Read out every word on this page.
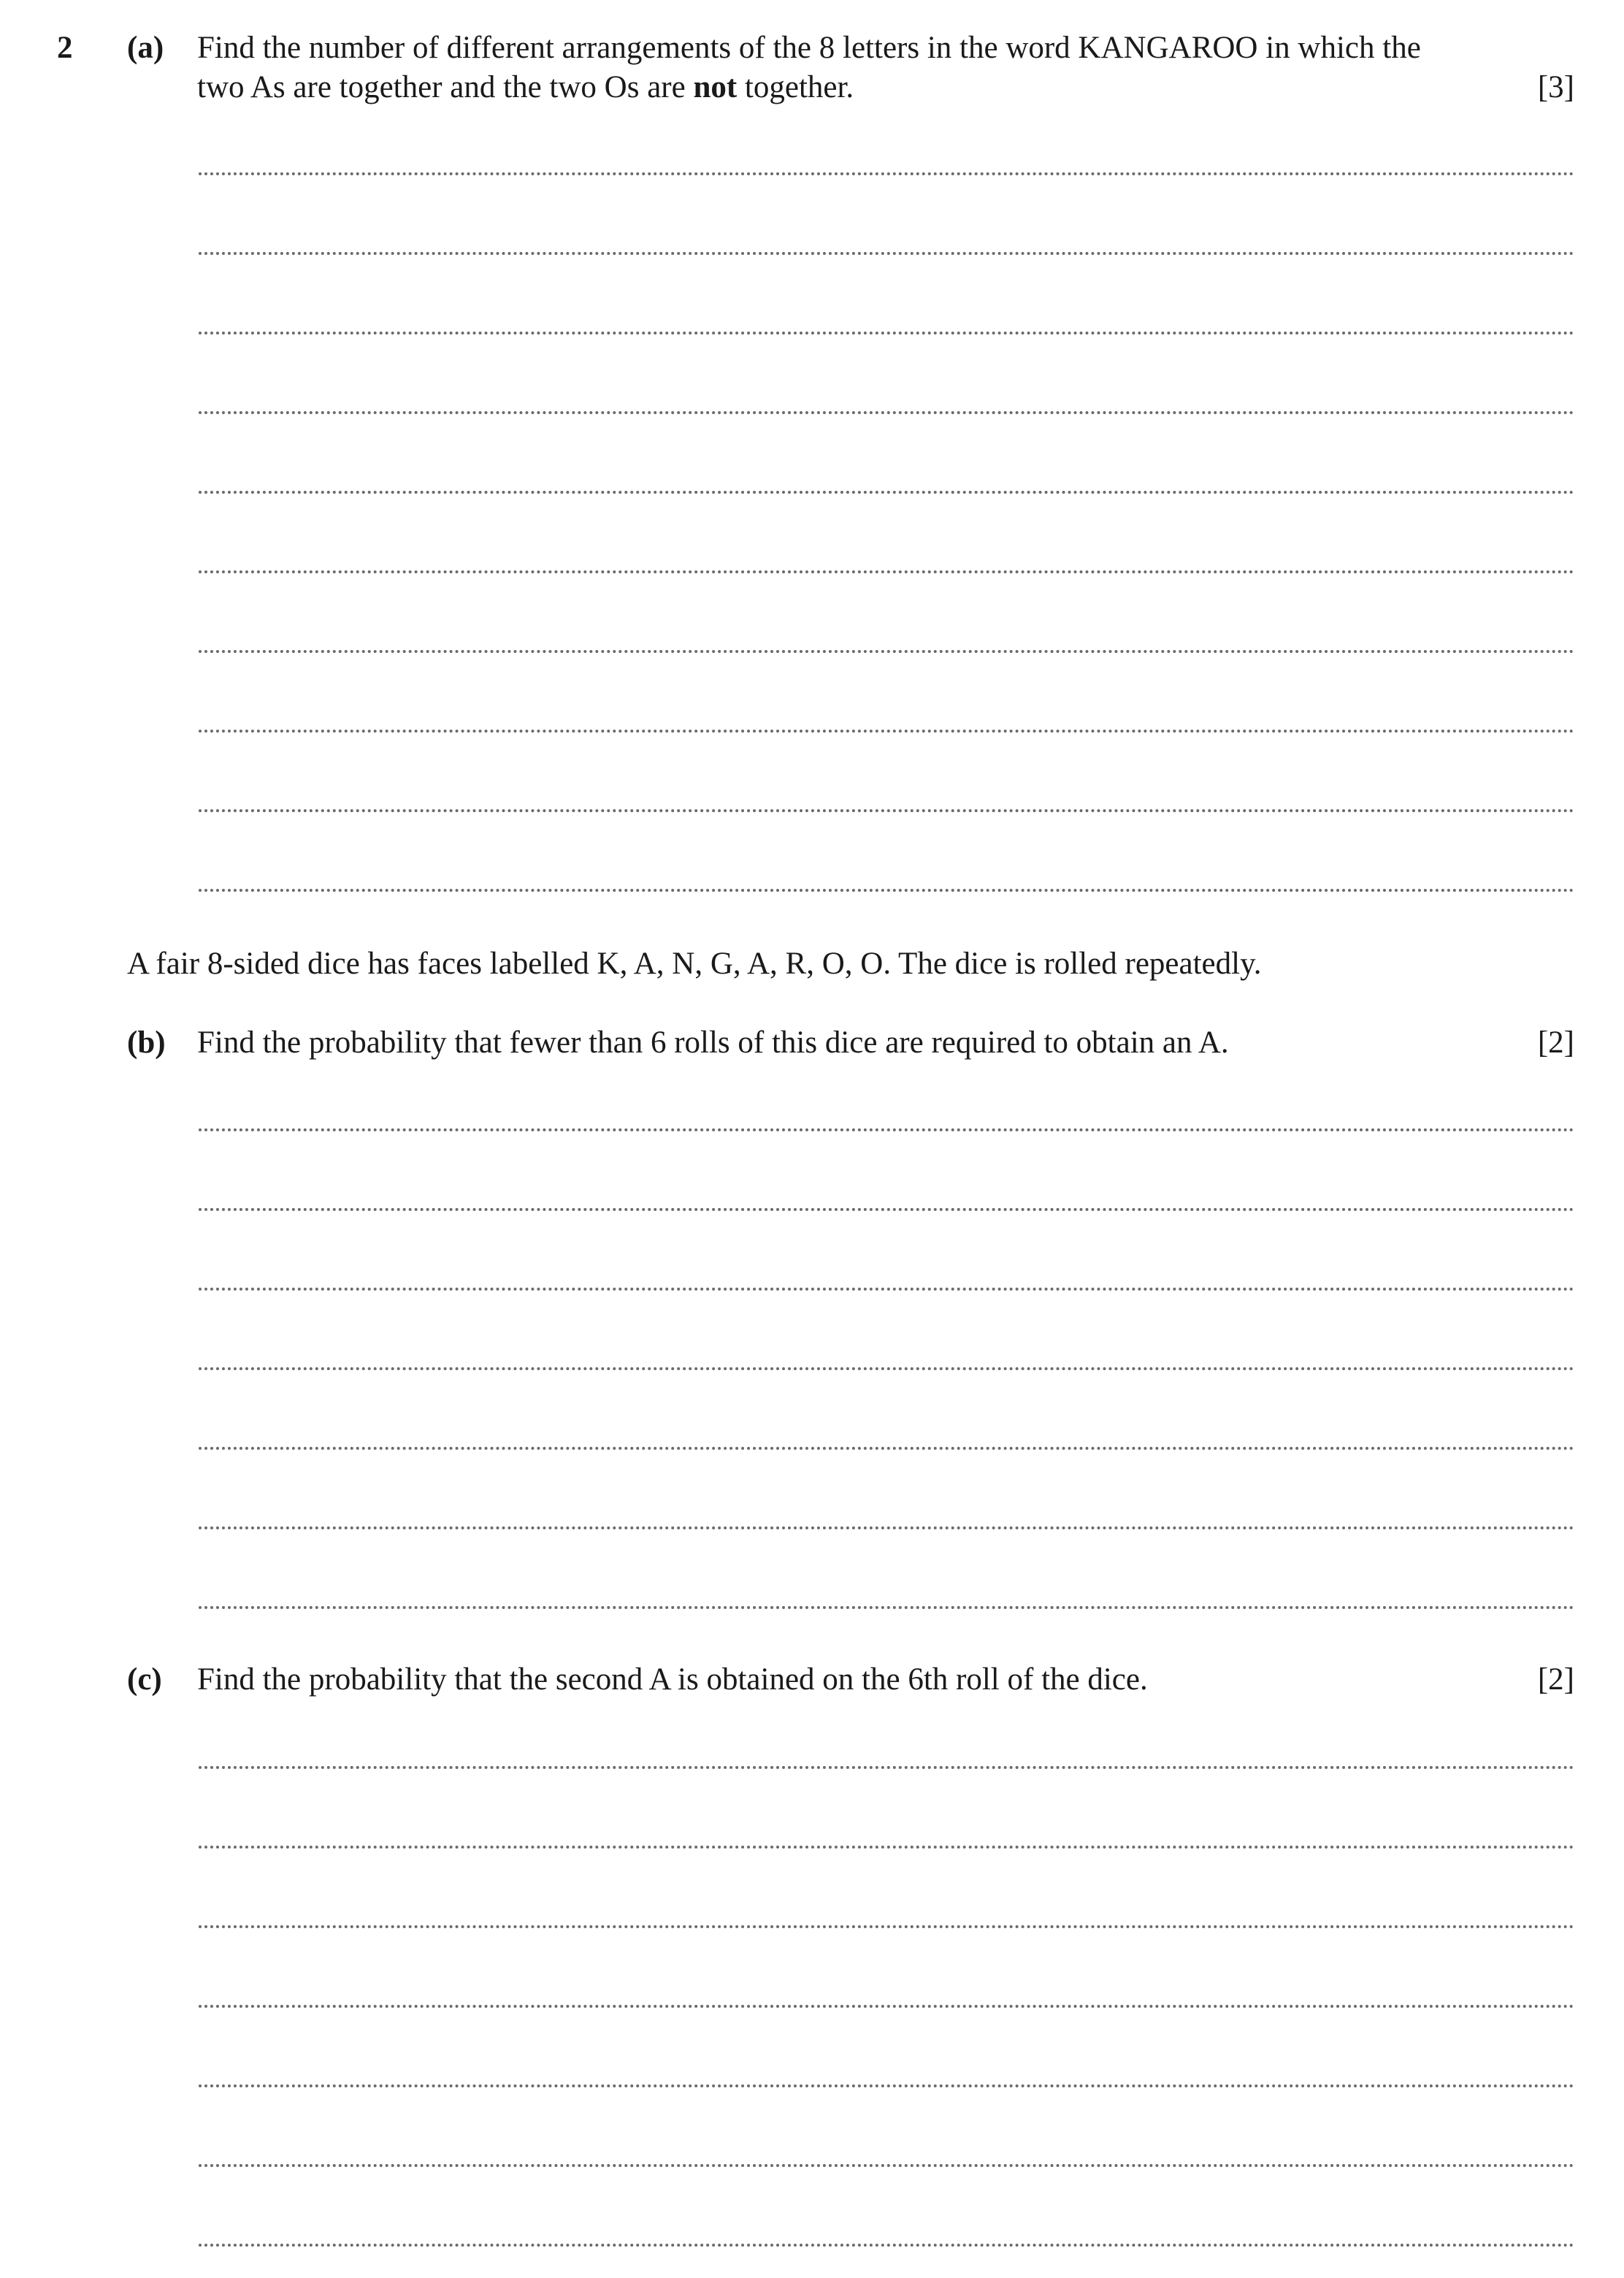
2 (a) Find the number of different arrangements of the 8 letters in the word KANGAROO in which the
two As are together and the two Os are not together.	[3]
A fair 8-sided dice has faces labelled K, A, N, G, A, R, O, O. The dice is rolled repeatedly.
(b) Find the probability that fewer than 6 rolls of this dice are required to obtain an A.	[2]
(c) Find the probability that the second A is obtained on the 6th roll of the dice.	[2]
